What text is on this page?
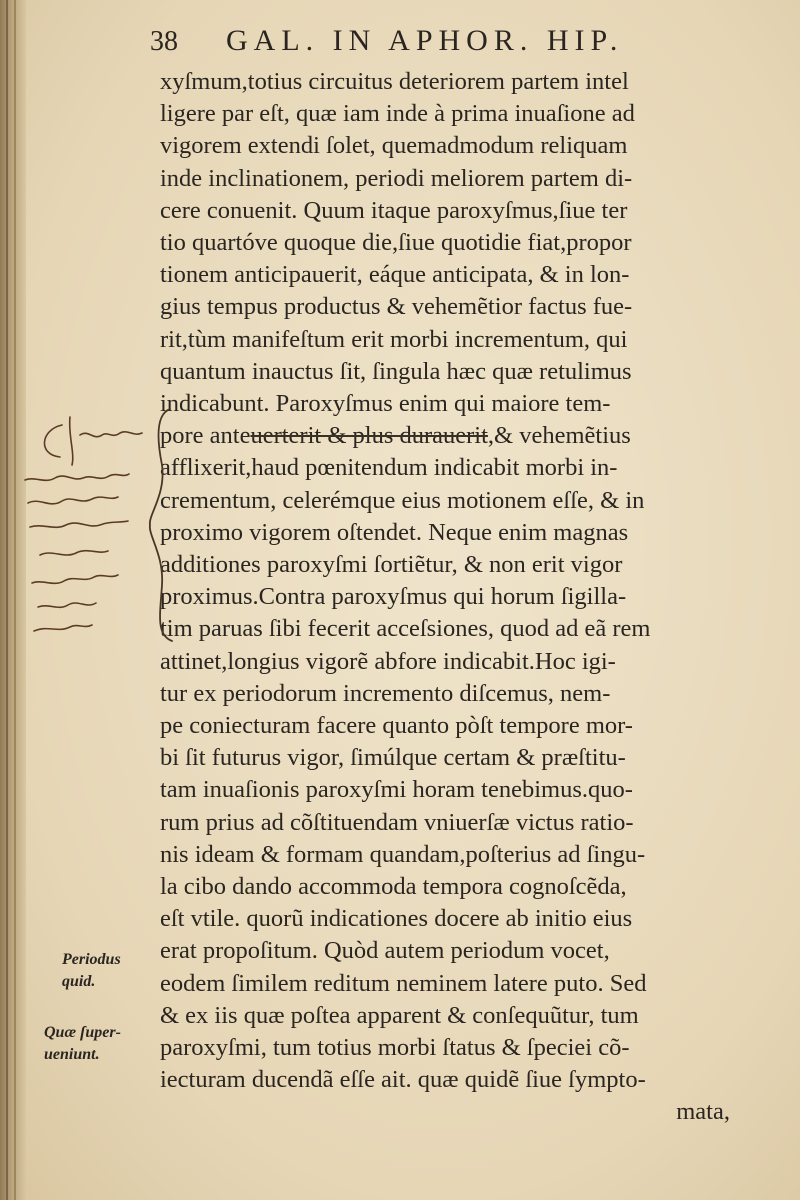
38 GAL. IN APHOR. HIP.
xyſmum,totius circuitus deteriorem partem intel
ligere par eſt, quæ iam inde à prima inuaſione ad
vigorem extendi ſolet, quemadmodum reliquam
inde inclinationem, periodi meliorem partem di-
cere conuenit. Quum itaque paroxyſmus,ſiue ter
tio quartóve quoque die,ſiue quotidie fiat,propor
tionem anticipauerit, eáque anticipata, & in lon-
gius tempus productus & vehemẽtior factus fue-
rit,tùm manifeſtum erit morbi incrementum, qui
quantum inauctus ſit, ſingula hæc quæ retulimus
indicabunt. Paroxyſmus enim qui maiore tem-
pore anteuerterit & plus durauerit,& vehemẽtius
afflixerit,haud pœnitendum indicabit morbi in-
crementum, celerémque eius motionem eſſe, & in
proximo vigorem oſtendet. Neque enim magnas
additiones paroxyſmi ſortiẽtur, & non erit vigor
proximus.Contra paroxyſmus qui horum ſigilla-
tim paruas ſibi fecerit acceſsiones, quod ad eã rem
attinet,longius vigorẽ abfore indicabit.Hoc igi-
tur ex periodorum incremento diſcemus, nem-
pe coniecturam facere quanto pòſt tempore mor-
bi ſit futurus vigor, ſimúlque certam & præſtitu-
tam inuaſionis paroxyſmi horam tenebimus.quo-
rum prius ad cõſtituendam vniuerſæ victus ratio-
nis ideam & formam quandam,poſterius ad ſingu-
la cibo dando accommoda tempora cognoſcẽda,
eſt vtile. quorũ indicationes docere ab initio eius
erat propoſitum. Quòd autem periodum vocet,
eodem ſimilem reditum neminem latere puto. Sed
& ex iis quæ poſtea apparent & conſequũtur, tum
paroxyſmi, tum totius morbi ſtatus & ſpeciei cõ-
iecturam ducendã eſſe ait. quæ quidẽ ſiue ſympto-
mata,
Periodus
quid.
Quæ ſuper-
ueniunt.
